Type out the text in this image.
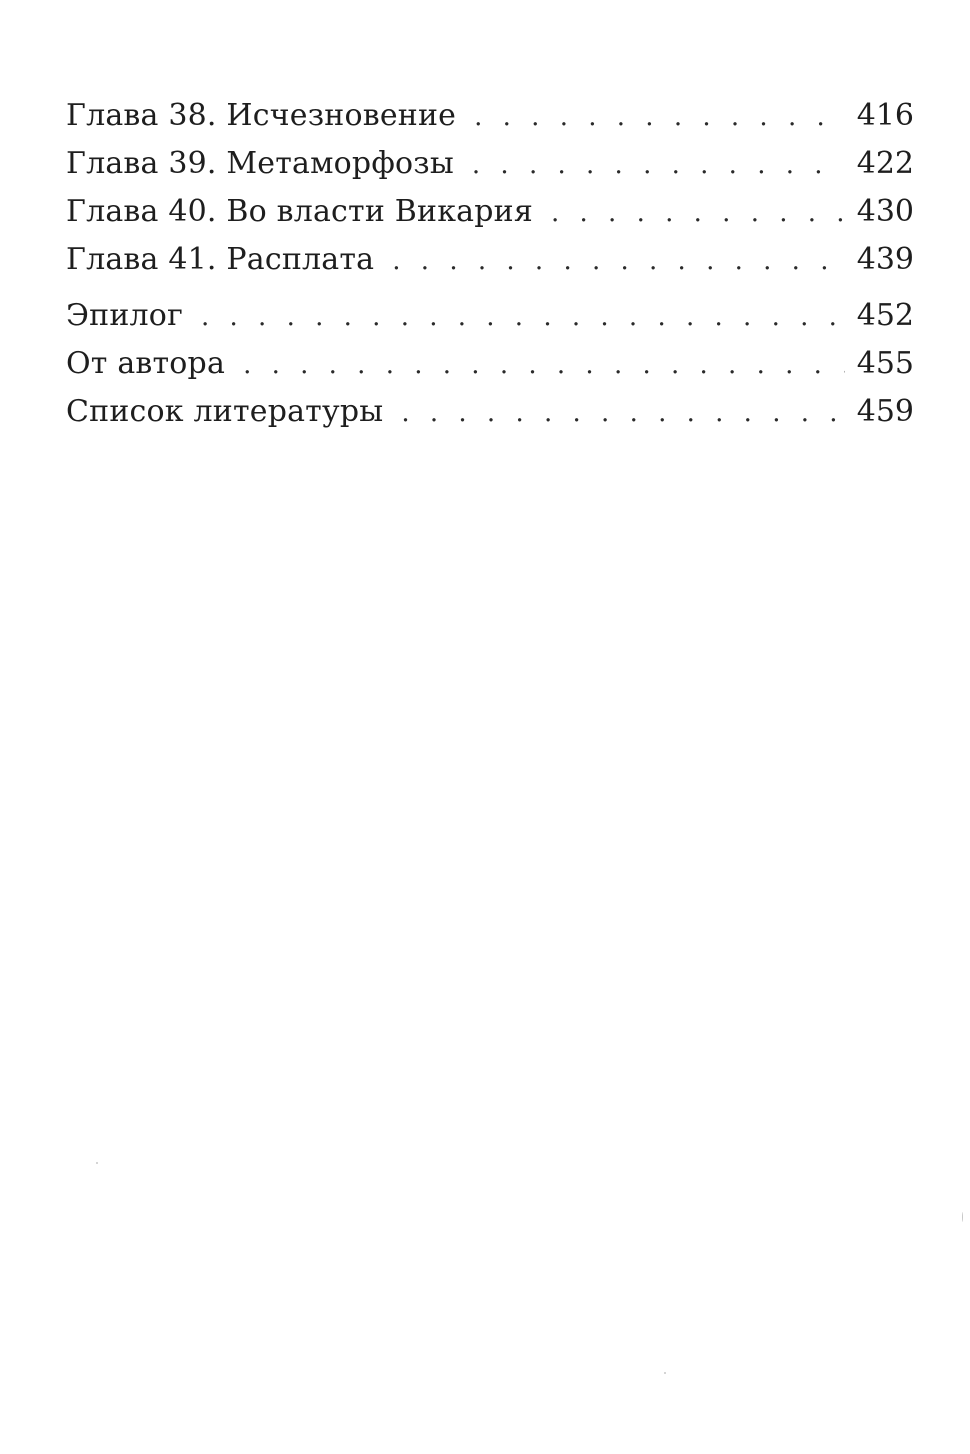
Глава 38. Исчезновение . . .	416
Глава 39. Метаморфозы . . .	422
Глава 40. Во власти Викария . . .	430
Глава 41. Расплата . . .	439
Эпилог . . .	452
От автора . . .	455
Список литературы . . .	459
